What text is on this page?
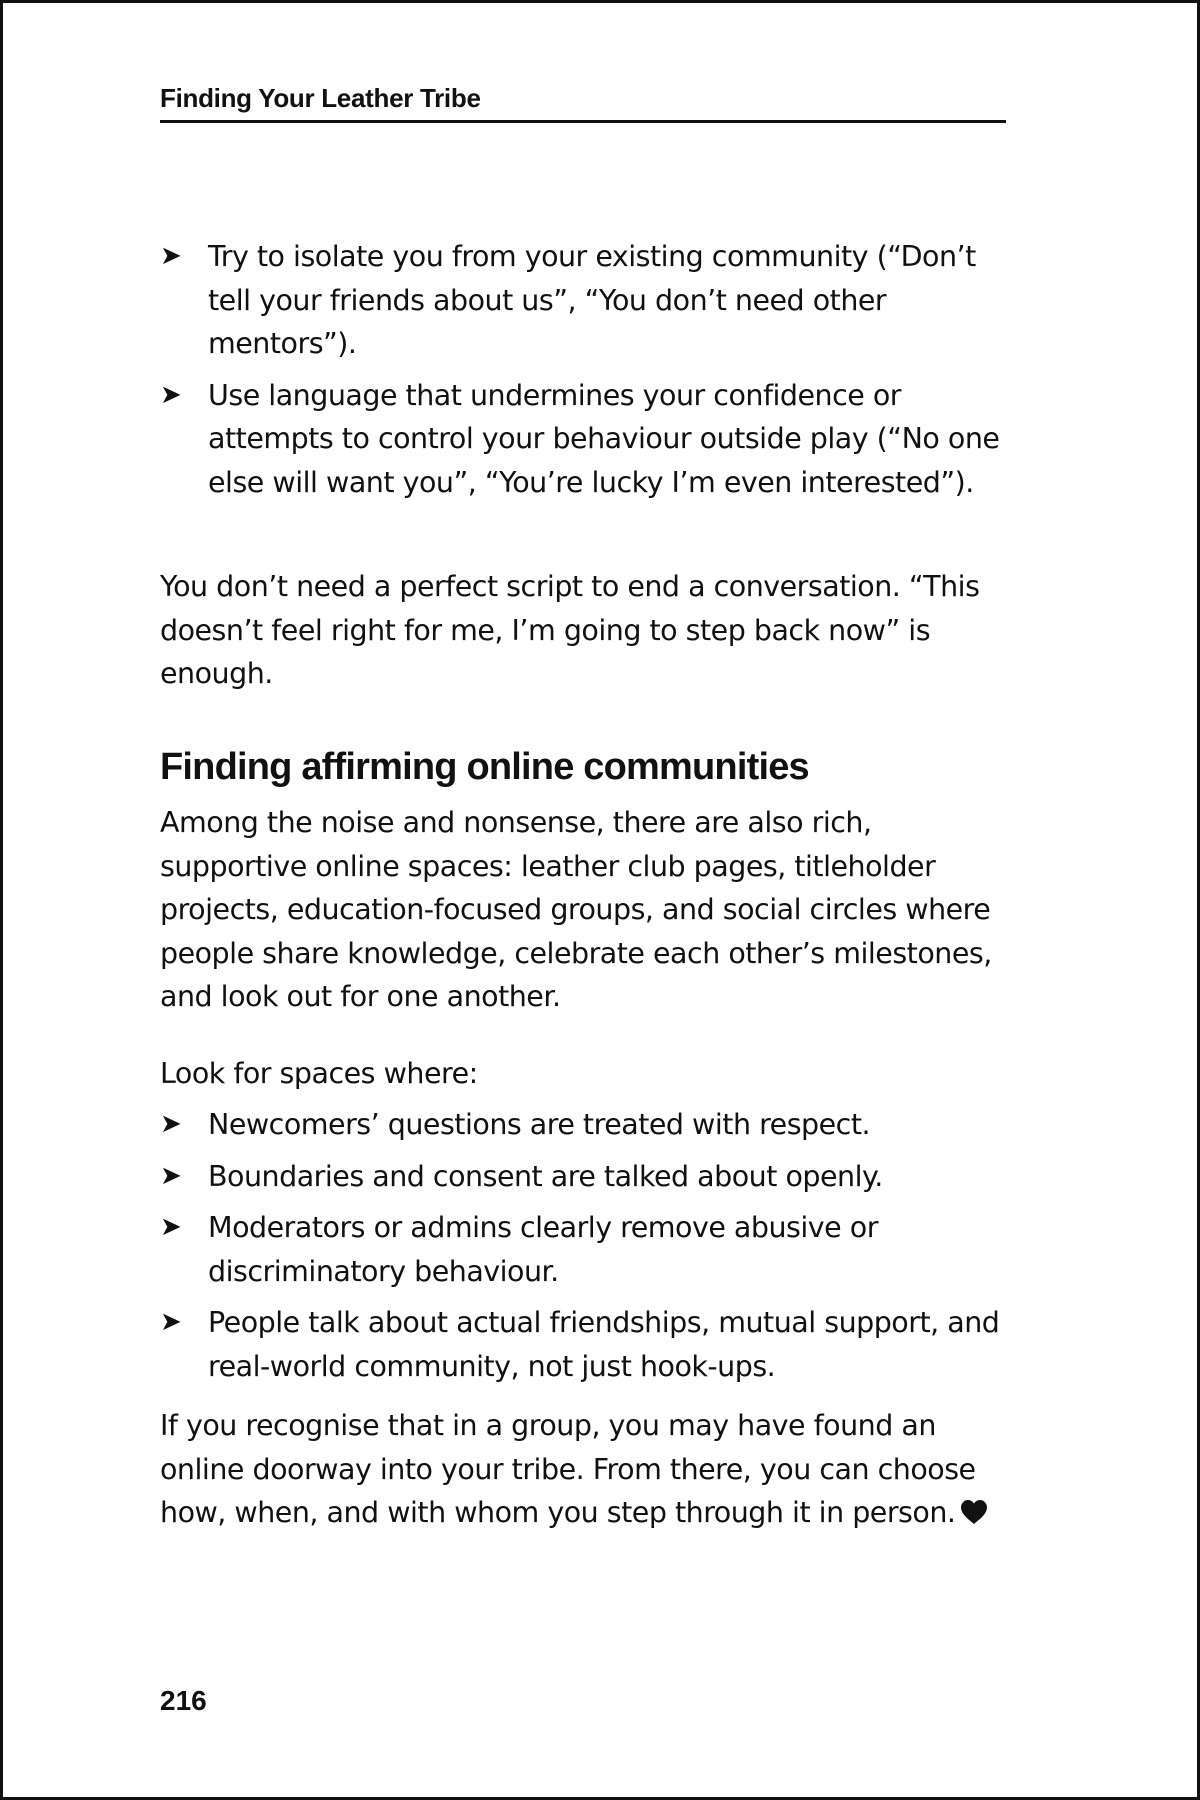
Finding Your Leather Tribe
➤ Try to isolate you from your existing community (“Don’t tell your friends about us”, “You don’t need other mentors”).
➤ Use language that undermines your confidence or attempts to control your behaviour outside play (“No one else will want you”, “You’re lucky I’m even interested”).

You don’t need a perfect script to end a conversation. “This doesn’t feel right for me, I’m going to step back now” is enough.

Finding affirming online communities

Among the noise and nonsense, there are also rich, supportive online spaces: leather club pages, titleholder projects, education-focused groups, and social circles where people share knowledge, celebrate each other’s milestones, and look out for one another.

Look for spaces where:

➤ Newcomers’ questions are treated with respect.
➤ Boundaries and consent are talked about openly.
➤ Moderators or admins clearly remove abusive or discriminatory behaviour.
➤ People talk about actual friendships, mutual support, and real-world community, not just hook-ups.

If you recognise that in a group, you may have found an online doorway into your tribe. From there, you can choose how, when, and with whom you step through it in person.

216
